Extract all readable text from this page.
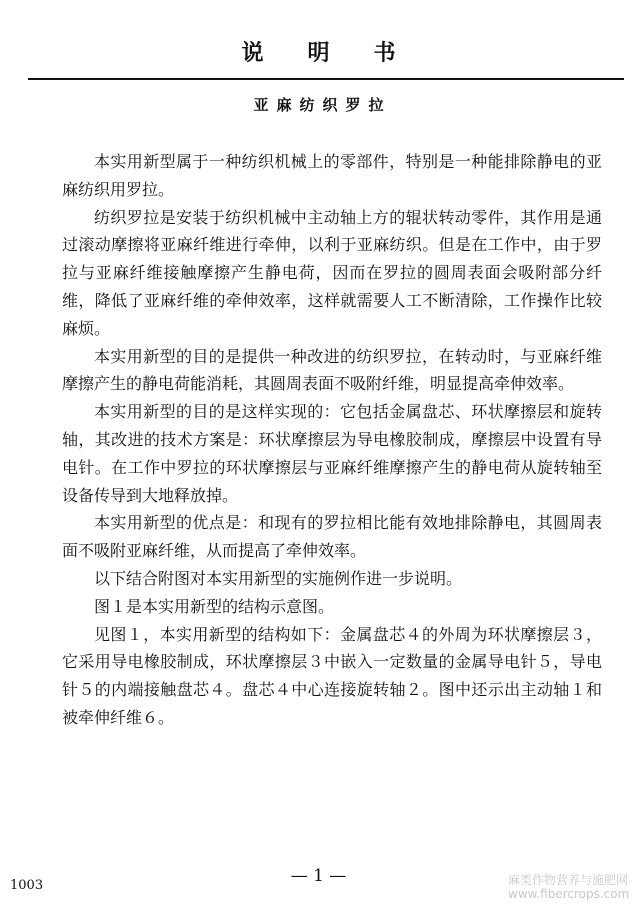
说明书
亚麻纺织罗拉

本实用新型属于一种纺织机械上的零部件，特别是一种能排除静电的亚麻纺织用罗拉。

纺织罗拉是安装于纺织机械中主动轴上方的辊状转动零件，其作用是通过滚动摩擦将亚麻纤维进行牵伸，以利于亚麻纺织。但是在工作中，由于罗拉与亚麻纤维接触摩擦产生静电荷，因而在罗拉的圆周表面会吸附部分纤维，降低了亚麻纤维的牵伸效率，这样就需要人工不断清除，工作操作比较麻烦。

本实用新型的目的是提供一种改进的纺织罗拉，在转动时，与亚麻纤维摩擦产生的静电荷能消耗，其圆周表面不吸附纤维，明显提高牵伸效率。

本实用新型的目的是这样实现的：它包括金属盘芯、环状摩擦层和旋转轴，其改进的技术方案是：环状摩擦层为导电橡胶制成，摩擦层中设置有导电针。在工作中罗拉的环状摩擦层与亚麻纤维摩擦产生的静电荷从旋转轴至设备传导到大地释放掉。

本实用新型的优点是：和现有的罗拉相比能有效地排除静电，其圆周表面不吸附亚麻纤维，从而提高了牵伸效率。

以下结合附图对本实用新型的实施例作进一步说明。

图１是本实用新型的结构示意图。

见图１，本实用新型的结构如下：金属盘芯４的外周为环状摩擦层３，它采用导电橡胶制成，环状摩擦层３中嵌入一定数量的金属导电针５，导电针５的内端接触盘芯４。盘芯４中心连接旋转轴２。图中还示出主动轴１和被牵伸纤维６。

— 1 —
1003	麻类作物营养与施肥网
www.fibercrops.com
